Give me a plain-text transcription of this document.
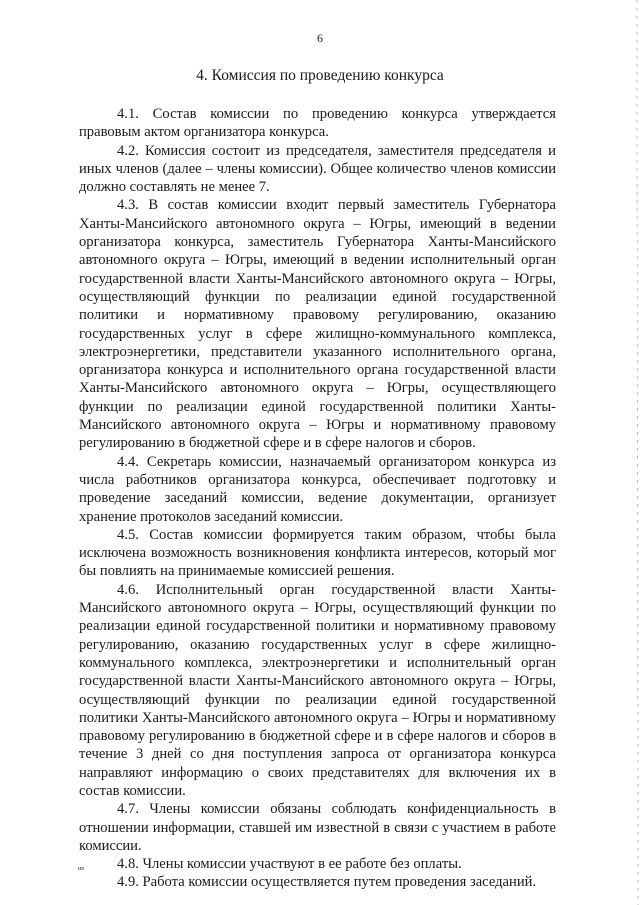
6
4. Комиссия по проведению конкурса

4.1. Состав комиссии по проведению конкурса утверждается правовым актом организатора конкурса.

4.2. Комиссия состоит из председателя, заместителя председателя и иных членов (далее – члены комиссии). Общее количество членов комиссии должно составлять не менее 7.

4.3. В состав комиссии входит первый заместитель Губернатора Ханты-Мансийского автономного округа – Югры, имеющий в ведении организатора конкурса, заместитель Губернатора Ханты-Мансийского автономного округа – Югры, имеющий в ведении исполнительный орган государственной власти Ханты-Мансийского автономного округа – Югры, осуществляющий функции по реализации единой государственной политики и нормативному правовому регулированию, оказанию государственных услуг в сфере жилищно-коммунального комплекса, электроэнергетики, представители указанного исполнительного органа, организатора конкурса и исполнительного органа государственной власти Ханты-Мансийского автономного округа – Югры, осуществляющего функции по реализации единой государственной политики Ханты-Мансийского автономного округа – Югры и нормативному правовому регулированию в бюджетной сфере и в сфере налогов и сборов.

4.4. Секретарь комиссии, назначаемый организатором конкурса из числа работников организатора конкурса, обеспечивает подготовку и проведение заседаний комиссии, ведение документации, организует хранение протоколов заседаний комиссии.

4.5. Состав комиссии формируется таким образом, чтобы была исключена возможность возникновения конфликта интересов, который мог бы повлиять на принимаемые комиссией решения.

4.6. Исполнительный орган государственной власти Ханты-Мансийского автономного округа – Югры, осуществляющий функции по реализации единой государственной политики и нормативному правовому регулированию, оказанию государственных услуг в сфере жилищно-коммунального комплекса, электроэнергетики и исполнительный орган государственной власти Ханты-Мансийского автономного округа – Югры, осуществляющий функции по реализации единой государственной политики Ханты-Мансийского автономного округа – Югры и нормативному правовому регулированию в бюджетной сфере и в сфере налогов и сборов в течение 3 дней со дня поступления запроса от организатора конкурса направляют информацию о своих представителях для включения их в состав комиссии.

4.7. Члены комиссии обязаны соблюдать конфиденциальность в отношении информации, ставшей им известной в связи с участием в работе комиссии.

4.8. Члены комиссии участвуют в ее работе без оплаты.

4.9. Работа комиссии осуществляется путем проведения заседаний.

ив
